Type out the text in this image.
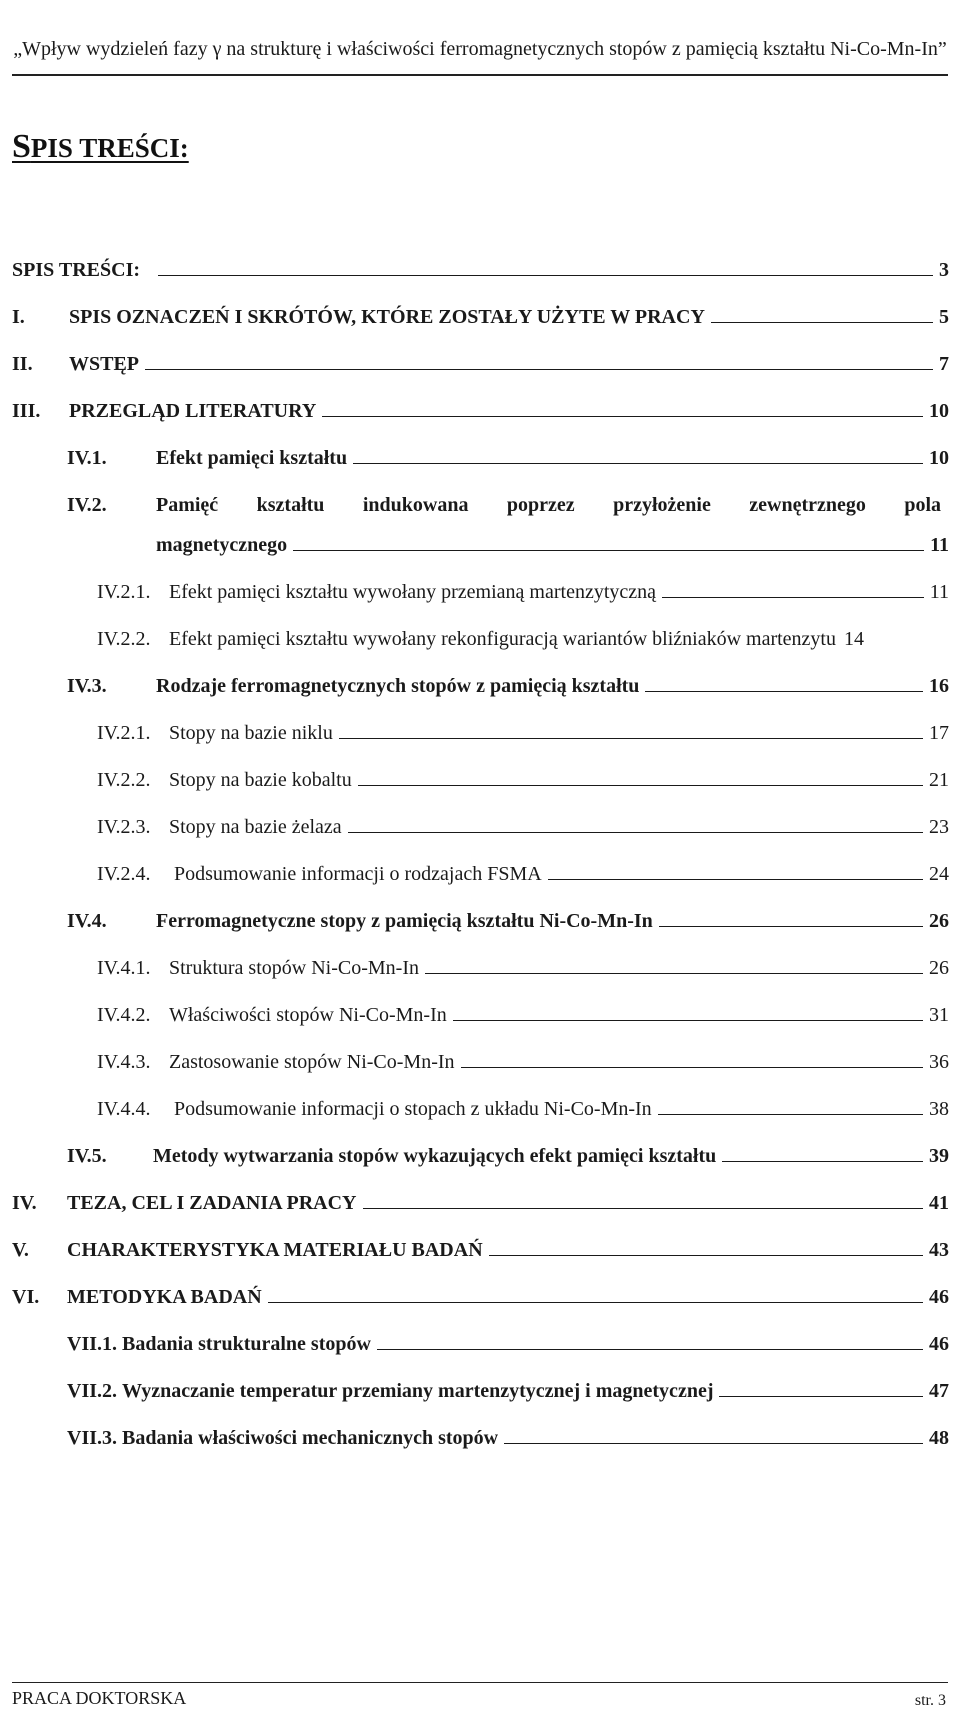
„Wpływ wydzieleń fazy γ na strukturę i właściwości ferromagnetycznych stopów z pamięcią kształtu Ni-Co-Mn-In”
SPIS TREŚCI:
SPIS TREŚCI:	3
I.	SPIS OZNACZEŃ I SKRÓTÓW, KTÓRE ZOSTAŁY UŻYTE W PRACY	5
II.	WSTĘP	7
III.	PRZEGLĄD LITERATURY	10
IV.1.	Efekt pamięci kształtu	10
IV.2.	Pamięć kształtu indukowana poprzez przyłożenie zewnętrznego pola
magnetycznego	11
IV.2.1. Efekt pamięci kształtu wywołany przemianą martenzytyczną	11
IV.2.2. Efekt pamięci kształtu wywołany rekonfiguracją wariantów bliźniaków martenzytu 14
IV.3.	Rodzaje ferromagnetycznych stopów z pamięcią kształtu	16
IV.2.1. Stopy na bazie niklu	17
IV.2.2. Stopy na bazie kobaltu	21
IV.2.3. Stopy na bazie żelaza	23
IV.2.4.	Podsumowanie informacji o rodzajach FSMA	24
IV.4.	Ferromagnetyczne stopy z pamięcią kształtu Ni-Co-Mn-In	26
IV.4.1. Struktura stopów Ni-Co-Mn-In	26
IV.4.2. Właściwości stopów Ni-Co-Mn-In	31
IV.4.3. Zastosowanie stopów Ni-Co-Mn-In	36
IV.4.4.	Podsumowanie informacji o stopach z układu Ni-Co-Mn-In	38
IV.5.	Metody wytwarzania stopów wykazujących efekt pamięci kształtu	39
IV.	TEZA, CEL I ZADANIA PRACY	41
V.	CHARAKTERYSTYKA MATERIAŁU BADAŃ	43
VI.	METODYKA BADAŃ	46
VII.1. Badania strukturalne stopów	46
VII.2. Wyznaczanie temperatur przemiany martenzytycznej i magnetycznej	47
VII.3. Badania właściwości mechanicznych stopów	48
PRACA DOKTORSKA	str. 3
